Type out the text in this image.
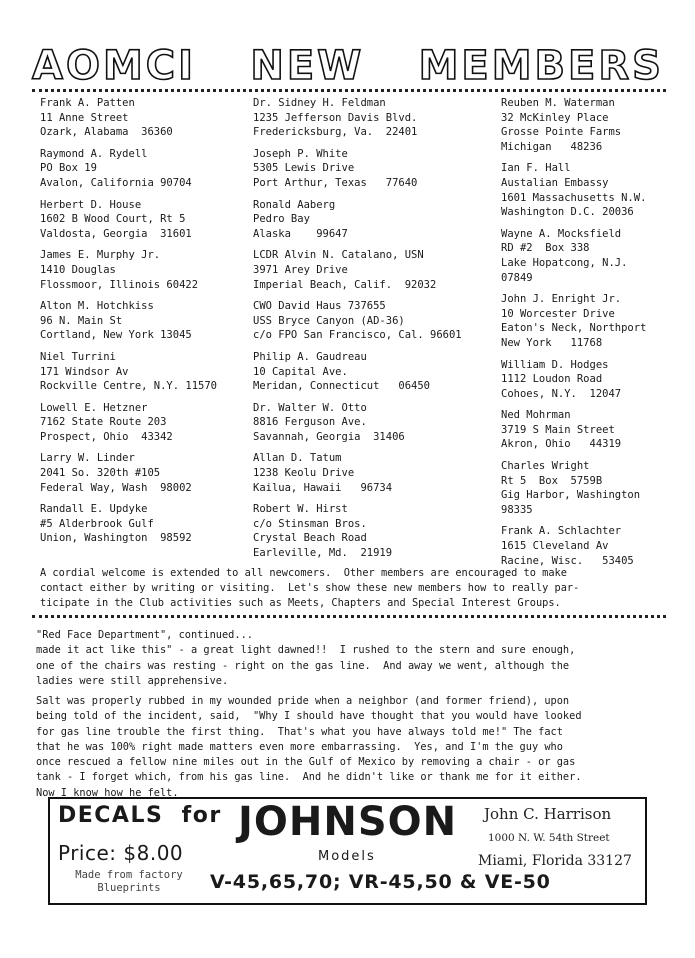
AOMCI NEW MEMBERS
Frank A. Patten
11 Anne Street
Ozark, Alabama  36360
Raymond A. Rydell
PO Box 19
Avalon, California 90704
Herbert D. House
1602 B Wood Court, Rt 5
Valdosta, Georgia  31601
James E. Murphy Jr.
1410 Douglas
Flossmoor, Illinois 60422
Alton M. Hotchkiss
96 N. Main St
Cortland, New York 13045
Niel Turrini
171 Windsor Av
Rockville Centre, N.Y. 11570
Lowell E. Hetzner
7162 State Route 203
Prospect, Ohio  43342
Larry W. Linder
2041 So. 320th #105
Federal Way, Wash  98002
Randall E. Updyke
#5 Alderbrook Gulf
Union, Washington  98592
Dr. Sidney H. Feldman
1235 Jefferson Davis Blvd.
Fredericksburg, Va.  22401
Joseph P. White
5305 Lewis Drive
Port Arthur, Texas   77640
Ronald Aaberg
Pedro Bay
Alaska    99647
LCDR Alvin N. Catalano, USN
3971 Arey Drive
Imperial Beach, Calif.  92032
CWO David Haus 737655
USS Bryce Canyon (AD-36)
c/o FPO San Francisco, Cal. 96601
Philip A. Gaudreau
10 Capital Ave.
Meridan, Connecticut   06450
Dr. Walter W. Otto
8816 Ferguson Ave.
Savannah, Georgia  31406
Allan D. Tatum
1238 Keolu Drive
Kailua, Hawaii   96734
Robert W. Hirst
c/o Stinsman Bros.
Crystal Beach Road
Earleville, Md.  21919
Reuben M. Waterman
32 McKinley Place
Grosse Pointe Farms
Michigan   48236
Ian F. Hall
Austalian Embassy
1601 Massachusetts N.W.
Washington D.C. 20036
Wayne A. Mocksfield
RD #2  Box 338
Lake Hopatcong, N.J.
07849
John J. Enright Jr.
10 Worcester Drive
Eaton's Neck, Northport
New York   11768
William D. Hodges
1112 Loudon Road
Cohoes, N.Y.  12047
Ned Mohrman
3719 S Main Street
Akron, Ohio   44319
Charles Wright
Rt 5  Box  5759B
Gig Harbor, Washington
98335
Frank A. Schlachter
1615 Cleveland Av
Racine, Wisc.   53405
A cordial welcome is extended to all newcomers.  Other members are encouraged to make
contact either by writing or visiting.  Let's show these new members how to really par-
ticipate in the Club activities such as Meets, Chapters and Special Interest Groups.
"Red Face Department", continued...
made it act like this" - a great light dawned!!  I rushed to the stern and sure enough,
one of the chairs was resting - right on the gas line.  And away we went, although the
ladies were still apprehensive.
Salt was properly rubbed in my wounded pride when a neighbor (and former friend), upon
being told of the incident, said,  "Why I should have thought that you would have looked
for gas line trouble the first thing.  That's what you have always told me!" The fact
that he was 100% right made matters even more embarrassing.  Yes, and I'm the guy who
once rescued a fellow nine miles out in the Gulf of Mexico by removing a chair - or gas
tank - I forget which, from his gas line.  And he didn't like or thank me for it either.
Now I know how he felt.
DECALS  for JOHNSON
Models
Price: $8.00
Made from factory
Blueprints
John C. Harrison
1000 N. W. 54th Street
Miami, Florida 33127
V-45,65,70; VR-45,50 & VE-50
